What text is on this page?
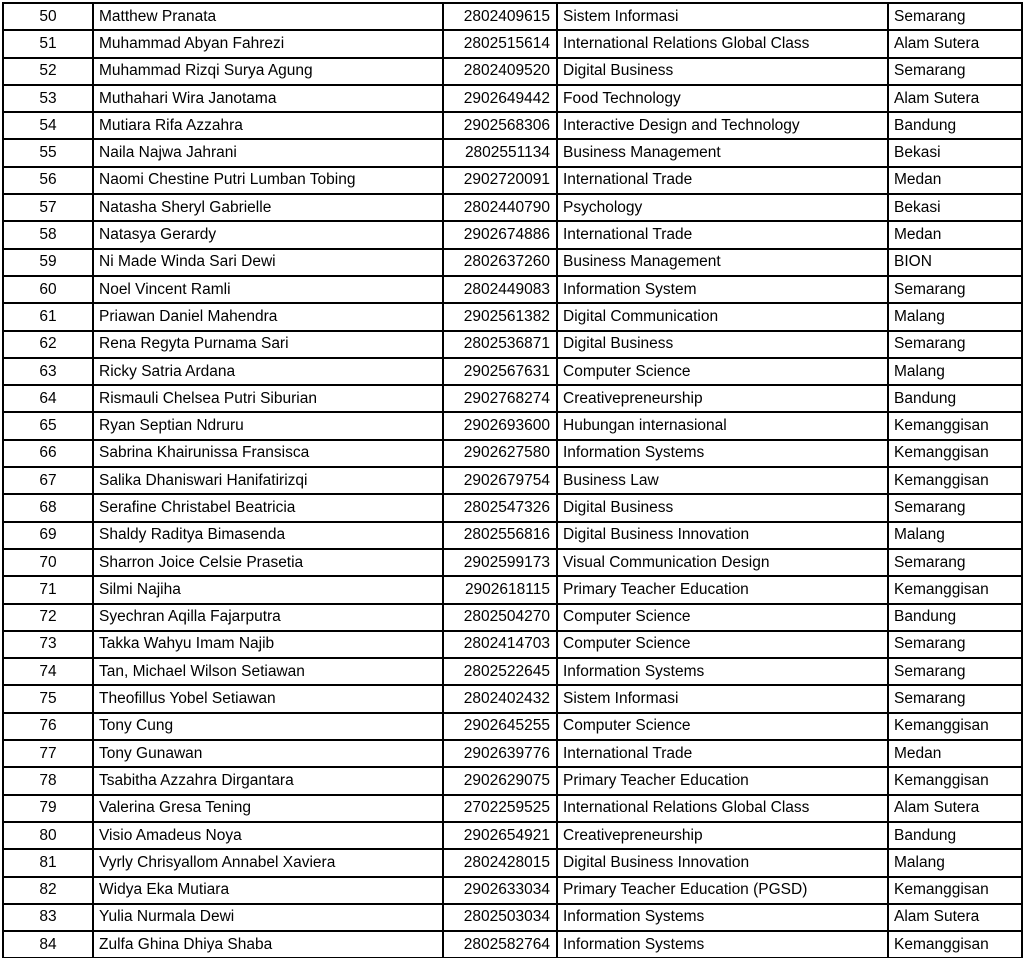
50	Matthew Pranata	2802409615	Sistem Informasi	Semarang
51	Muhammad Abyan Fahrezi	2802515614	International Relations Global Class	Alam Sutera
52	Muhammad Rizqi Surya Agung	2802409520	Digital Business	Semarang
53	Muthahari Wira Janotama	2902649442	Food Technology	Alam Sutera
54	Mutiara Rifa Azzahra	2902568306	Interactive Design and Technology	Bandung
55	Naila Najwa Jahrani	2802551134	Business Management	Bekasi
56	Naomi Chestine Putri Lumban Tobing	2902720091	International Trade	Medan
57	Natasha Sheryl Gabrielle	2802440790	Psychology	Bekasi
58	Natasya Gerardy	2902674886	International Trade	Medan
59	Ni Made Winda Sari Dewi	2802637260	Business Management	BION
60	Noel Vincent Ramli	2802449083	Information System	Semarang
61	Priawan Daniel Mahendra	2902561382	Digital Communication	Malang
62	Rena Regyta Purnama Sari	2802536871	Digital Business	Semarang
63	Ricky Satria Ardana	2902567631	Computer Science	Malang
64	Rismauli Chelsea Putri Siburian	2902768274	Creativepreneurship	Bandung
65	Ryan Septian Ndruru	2902693600	Hubungan internasional	Kemanggisan
66	Sabrina Khairunissa Fransisca	2902627580	Information Systems	Kemanggisan
67	Salika Dhaniswari Hanifatirizqi	2902679754	Business Law	Kemanggisan
68	Serafine Christabel Beatricia	2802547326	Digital Business	Semarang
69	Shaldy Raditya Bimasenda	2802556816	Digital Business Innovation	Malang
70	Sharron Joice Celsie Prasetia	2902599173	Visual Communication Design	Semarang
71	Silmi Najiha	2902618115	Primary Teacher Education	Kemanggisan
72	Syechran Aqilla Fajarputra	2802504270	Computer Science	Bandung
73	Takka Wahyu Imam Najib	2802414703	Computer Science	Semarang
74	Tan, Michael Wilson Setiawan	2802522645	Information Systems	Semarang
75	Theofillus Yobel Setiawan	2802402432	Sistem Informasi	Semarang
76	Tony Cung	2902645255	Computer Science	Kemanggisan
77	Tony Gunawan	2902639776	International Trade	Medan
78	Tsabitha Azzahra Dirgantara	2902629075	Primary Teacher Education	Kemanggisan
79	Valerina Gresa Tening	2702259525	International Relations Global Class	Alam Sutera
80	Visio Amadeus Noya	2902654921	Creativepreneurship	Bandung
81	Vyrly Chrisyallom Annabel Xaviera	2802428015	Digital Business Innovation	Malang
82	Widya Eka Mutiara	2902633034	Primary Teacher Education (PGSD)	Kemanggisan
83	Yulia Nurmala Dewi	2802503034	Information Systems	Alam Sutera
84	Zulfa Ghina Dhiya Shaba	2802582764	Information Systems	Kemanggisan
